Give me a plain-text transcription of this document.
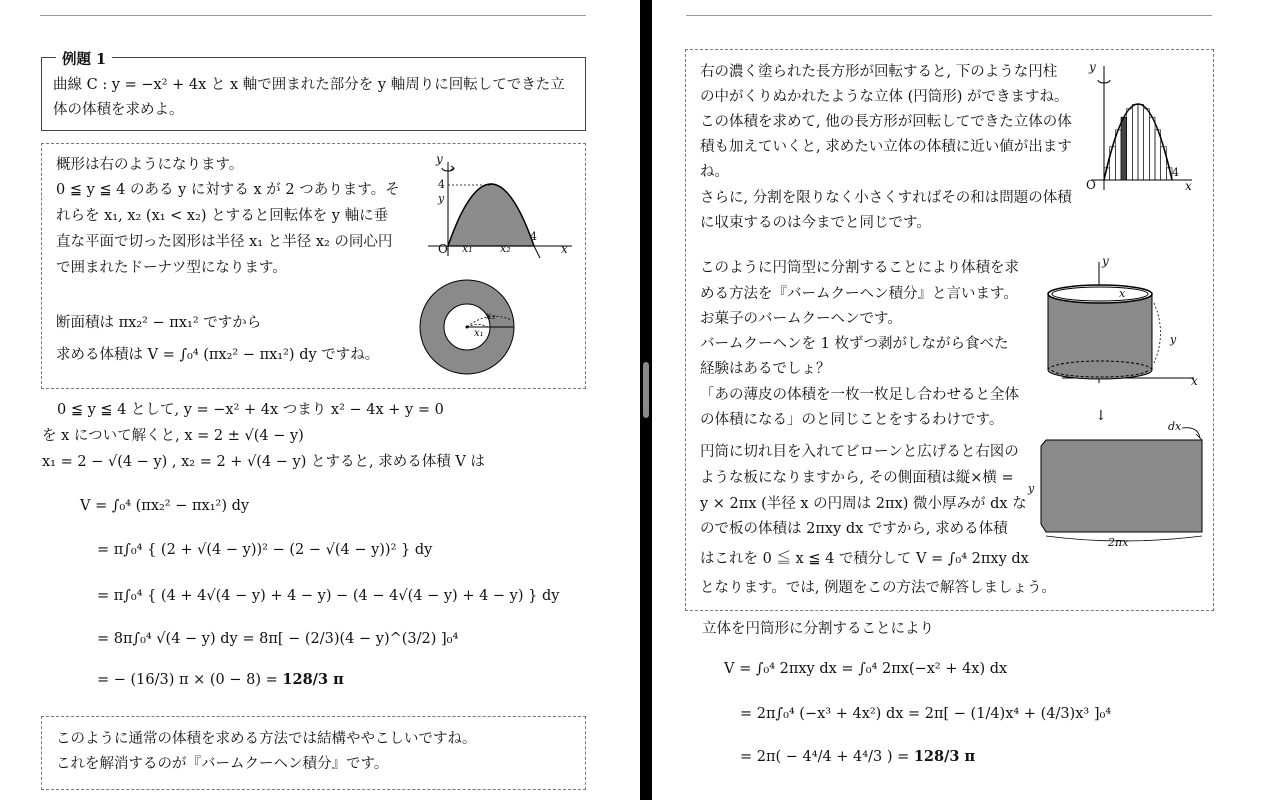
例題 1
曲線 C : y = −x² + 4x と x 軸で囲まれた部分を y 軸周りに回転してできた立
体の体積を求めよ。
概形は右のようになります。
0 ≦ y ≦ 4 のある y に対する x が 2 つあります。そ
れらを x₁, x₂ (x₁ < x₂) とすると回転体を y 軸に垂
直な平面で切った図形は半径 x₁ と半径 x₂ の同心円
で囲まれたドーナツ型になります。
断面積は πx₂² − πx₁² ですから
求める体積は V = ∫₀⁴ (πx₂² − πx₁²) dy ですね。
y
x
O
4
y
x₁ x₂
4
x₂
x₁
0 ≦ y ≦ 4 として, y = −x² + 4x つまり x² − 4x + y = 0
を x について解くと, x = 2 ± √(4 − y)
x₁ = 2 − √(4 − y) , x₂ = 2 + √(4 − y) とすると, 求める体積 V は
V = ∫₀⁴ (πx₂² − πx₁²) dy
= π∫₀⁴ { (2 + √(4 − y))² − (2 − √(4 − y))² } dy
= π∫₀⁴ { (4 + 4√(4 − y) + 4 − y) − (4 − 4√(4 − y) + 4 − y) } dy
= 8π∫₀⁴ √(4 − y) dy = 8π[ − (2/3)(4 − y)^(3/2) ]₀⁴
= − (16/3) π × (0 − 8) = 128/3 π
このように通常の体積を求める方法では結構ややこしいですね。
これを解消するのが『バームクーヘン積分』です。
右の濃く塗られた長方形が回転すると, 下のような円柱
の中がくりぬかれたような立体 (円筒形) ができますね。
この体積を求めて, 他の長方形が回転してできた立体の体
積も加えていくと, 求めたい立体の体積に近い値が出ます
ね。
さらに, 分割を限りなく小さくすればその和は問題の体積
に収束するのは今までと同じです。
y
x
O
4
このように円筒型に分割することにより体積を求
める方法を『バームクーヘン積分』と言います。
お菓子のバームクーヘンです。
バームクーヘンを 1 枚ずつ剥がしながら食べた
経験はあるでしょ？
「あの薄皮の体積を一枚一枚足し合わせると全体
の体積になる」のと同じことをするわけです。
y
x
x
y
↓
円筒に切れ目を入れてビローンと広げると右図の
ような板になりますから, その側面積は縦×横 =
y × 2πx (半径 x の円周は 2πx) 微小厚みが dx な
ので板の体積は 2πxy dx ですから, 求める体積
はこれを 0 ≦ x ≦ 4 で積分して V = ∫₀⁴ 2πxy dx
となります。では, 例題をこの方法で解答しましょう。
dx
y
2πx
立体を円筒形に分割することにより
V = ∫₀⁴ 2πxy dx = ∫₀⁴ 2πx(−x² + 4x) dx
= 2π∫₀⁴ (−x³ + 4x²) dx = 2π[ − (1/4)x⁴ + (4/3)x³ ]₀⁴
= 2π( − 4⁴/4 + 4⁴/3 ) = 128/3 π
